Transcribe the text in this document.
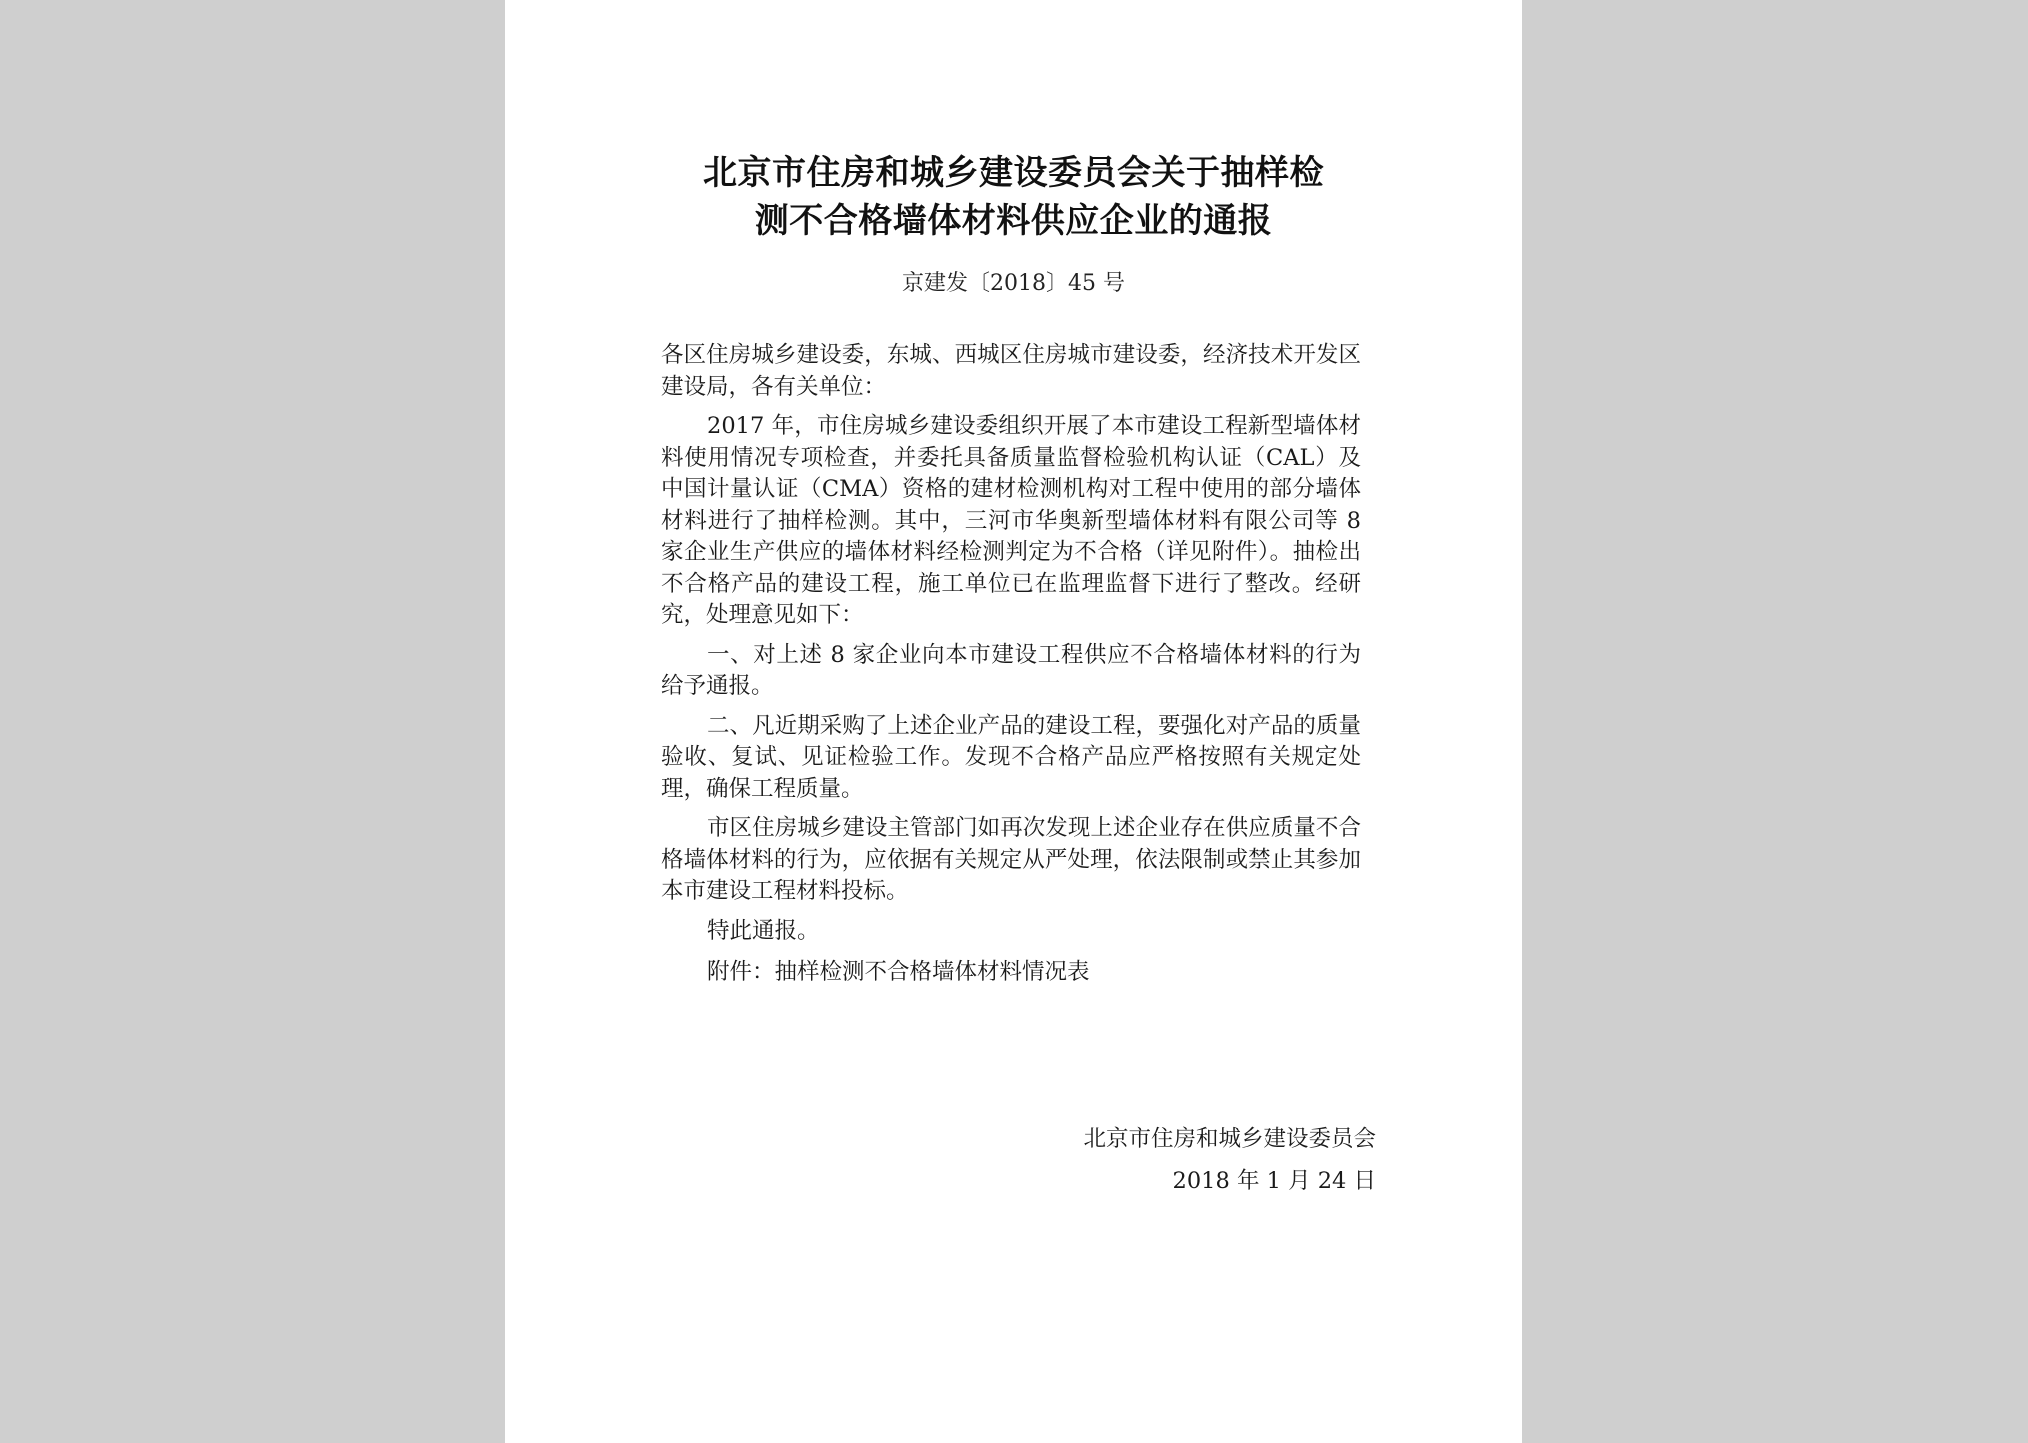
北京市住房和城乡建设委员会关于抽样检
测不合格墙体材料供应企业的通报
京建发〔2018〕45 号

各区住房城乡建设委，东城、西城区住房城市建设委，经济技术开发区建设局，各有关单位：

2017 年，市住房城乡建设委组织开展了本市建设工程新型墙体材料使用情况专项检查，并委托具备质量监督检验机构认证（CAL）及中国计量认证（CMA）资格的建材检测机构对工程中使用的部分墙体材料进行了抽样检测。其中，三河市华奥新型墙体材料有限公司等 8 家企业生产供应的墙体材料经检测判定为不合格（详见附件）。抽检出不合格产品的建设工程，施工单位已在监理监督下进行了整改。经研究，处理意见如下：

一、对上述 8 家企业向本市建设工程供应不合格墙体材料的行为给予通报。

二、凡近期采购了上述企业产品的建设工程，要强化对产品的质量验收、复试、见证检验工作。发现不合格产品应严格按照有关规定处理，确保工程质量。

市区住房城乡建设主管部门如再次发现上述企业存在供应质量不合格墙体材料的行为，应依据有关规定从严处理，依法限制或禁止其参加本市建设工程材料投标。

特此通报。

附件：抽样检测不合格墙体材料情况表

北京市住房和城乡建设委员会
2018 年 1 月 24 日
